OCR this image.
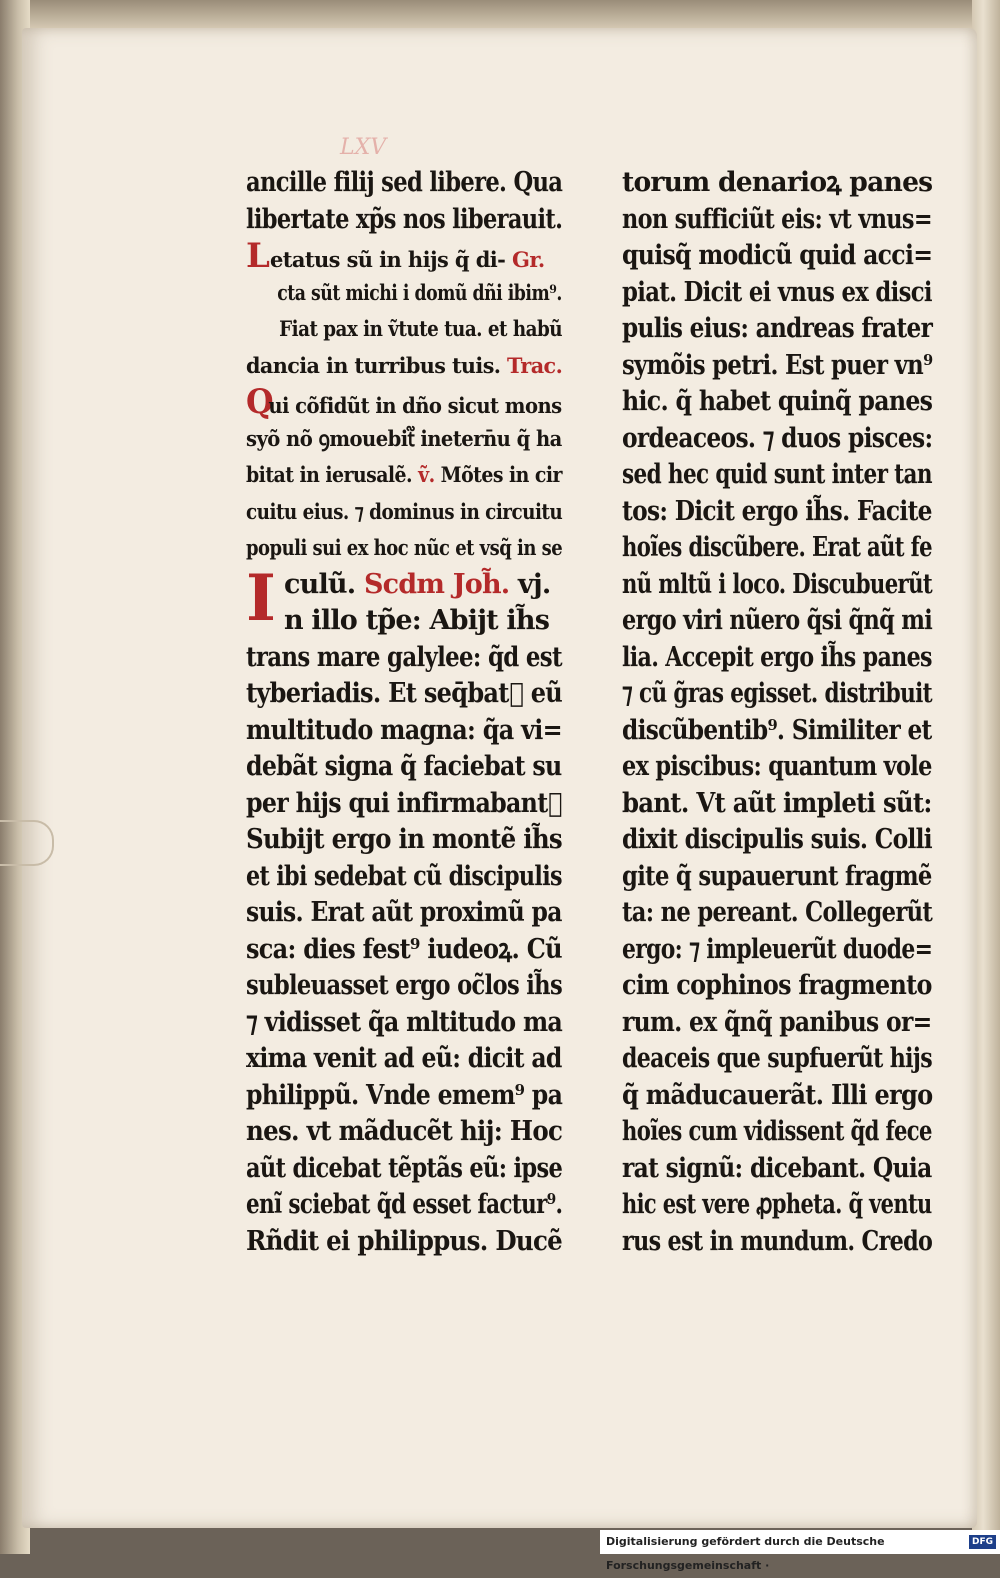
LXV
ancille filij sed libere. Qua
libertate xp̃s nos liberauit.
Letatus sũ in hijs q̃ di- Gr.
cta sũt michi i domũ dñi ibim⁹.
Fiat pax in ṽtute tua. et habũ
dancia in turribus tuis. Trac.
Qui cõfidũt in dño sicut mons
syõ nõ ꝯmouebit᷑ inetern̄u q̃ ha
bitat in ierusalẽ. ṽ. Mõtes in cir
cuitu eius. ⁊ dominus in circuitu
populi sui ex hoc nũc et vsq̃ in se
I culũ. Scdm Joh̃. vj.
n illo tp̃e: Abijt ih̃s
trans mare galylee: q̃d est
tyberiadis. Et seq̄bat᷑ eũ
multitudo magna: q̃a vi=
debãt signa q̃ faciebat su
per hijs qui infirmabant᷑
Subijt ergo in montẽ ih̃s
et ibi sedebat cũ discipulis
suis. Erat aũt proximũ pa
sca: dies fest⁹ iudeoꝝ. Cũ
subleuasset ergo oc̃los ih̃s
⁊ vidisset q̃a mltitudo ma
xima venit ad eũ: dicit ad
philippũ. Vnde emem⁹ pa
nes. vt mãducẽt hij: Hoc
aũt dicebat tẽptãs eũ: ipse
enĩ sciebat q̃d esset factur⁹.
Rñdit ei philippus. Ducẽ
torum denarioꝝ panes
non sufficiũt eis: vt vnus=
quisq̃ modicũ quid acci=
piat. Dicit ei vnus ex disci
pulis eius: andreas frater
symõis petri. Est puer vn⁹
hic. q̃ habet quinq̃ panes
ordeaceos. ⁊ duos pisces:
sed hec quid sunt inter tan
tos: Dicit ergo ih̃s. Facite
hoĩes discũbere. Erat aũt fe
nũ mltũ i loco. Discubuerũt
ergo viri nũero q̃si q̃nq̃ mi
lia. Accepit ergo ih̃s panes
⁊ cũ g̃ras egisset. distribuit
discũbentib⁹. Similiter et
ex piscibus: quantum vole
bant. Vt aũt impleti sũt:
dixit discipulis suis. Colli
gite q̃ supauerunt fragmẽ
ta: ne pereant. Collegerũt
ergo: ⁊ impleuerũt duode=
cim cophinos fragmento
rum. ex q̃nq̃ panibus or=
deaceis que supfuerũt hijs
q̃ mãducauerãt. Illi ergo
hoĩes cum vidissent q̃d fece
rat signũ: dicebant. Quia
hic est vere ꝓpheta. q̃ ventu
rus est in mundum. Credo
Digitalisierung gefördert durch die Deutsche Forschungsgemeinschaft ·
DFG
